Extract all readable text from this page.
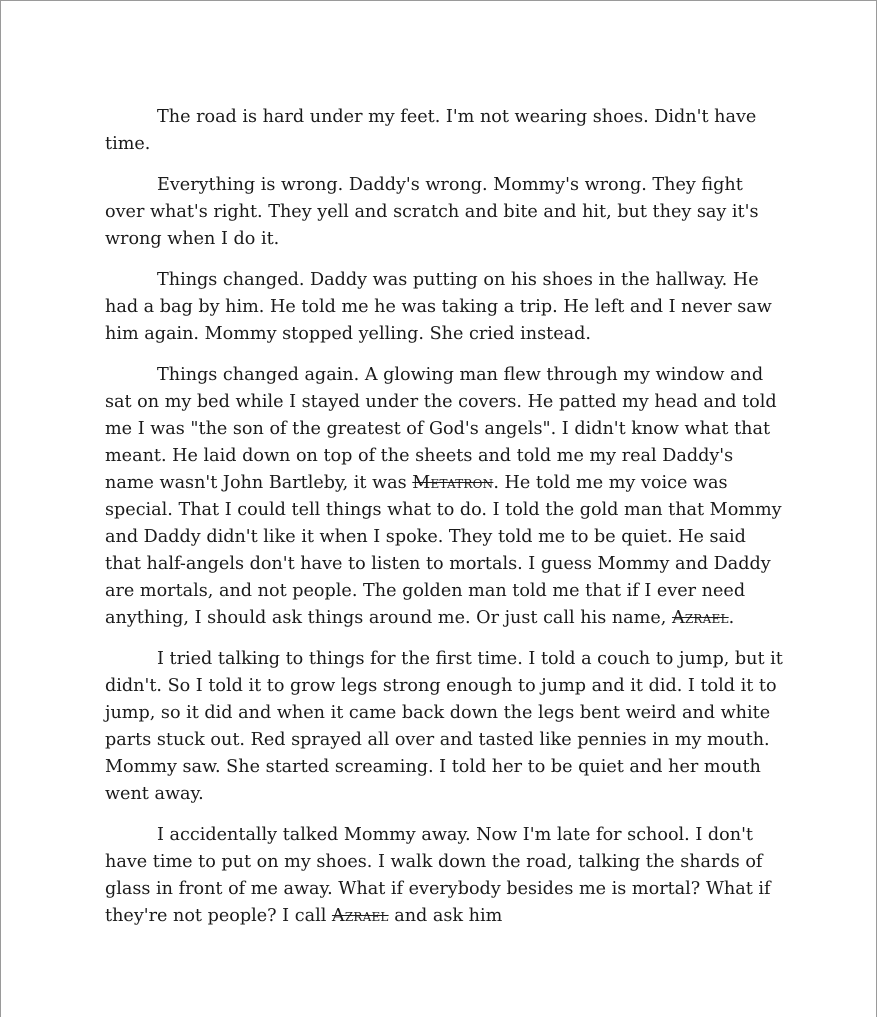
The road is hard under my feet. I'm not wearing shoes. Didn't have time.

Everything is wrong. Daddy's wrong. Mommy's wrong. They fight over what's right. They yell and scratch and bite and hit, but they say it's wrong when I do it.

Things changed. Daddy was putting on his shoes in the hallway. He had a bag by him. He told me he was taking a trip. He left and I never saw him again. Mommy stopped yelling. She cried instead.

Things changed again. A glowing man flew through my window and sat on my bed while I stayed under the covers. He patted my head and told me I was "the son of the greatest of God's angels". I didn't know what that meant. He laid down on top of the sheets and told me my real Daddy's name wasn't John Bartleby, it was Metatron. He told me my voice was special. That I could tell things what to do. I told the gold man that Mommy and Daddy didn't like it when I spoke. They told me to be quiet. He said that half-angels don't have to listen to mortals. I guess Mommy and Daddy are mortals, and not people. The golden man told me that if I ever need anything, I should ask things around me. Or just call his name, Azrael.

I tried talking to things for the first time. I told a couch to jump, but it didn't. So I told it to grow legs strong enough to jump and it did. I told it to jump, so it did and when it came back down the legs bent weird and white parts stuck out. Red sprayed all over and tasted like pennies in my mouth. Mommy saw. She started screaming. I told her to be quiet and her mouth went away.

I accidentally talked Mommy away. Now I'm late for school. I don't have time to put on my shoes. I walk down the road, talking the shards of glass in front of me away. What if everybody besides me is mortal? What if they're not people? I call Azrael and ask him
